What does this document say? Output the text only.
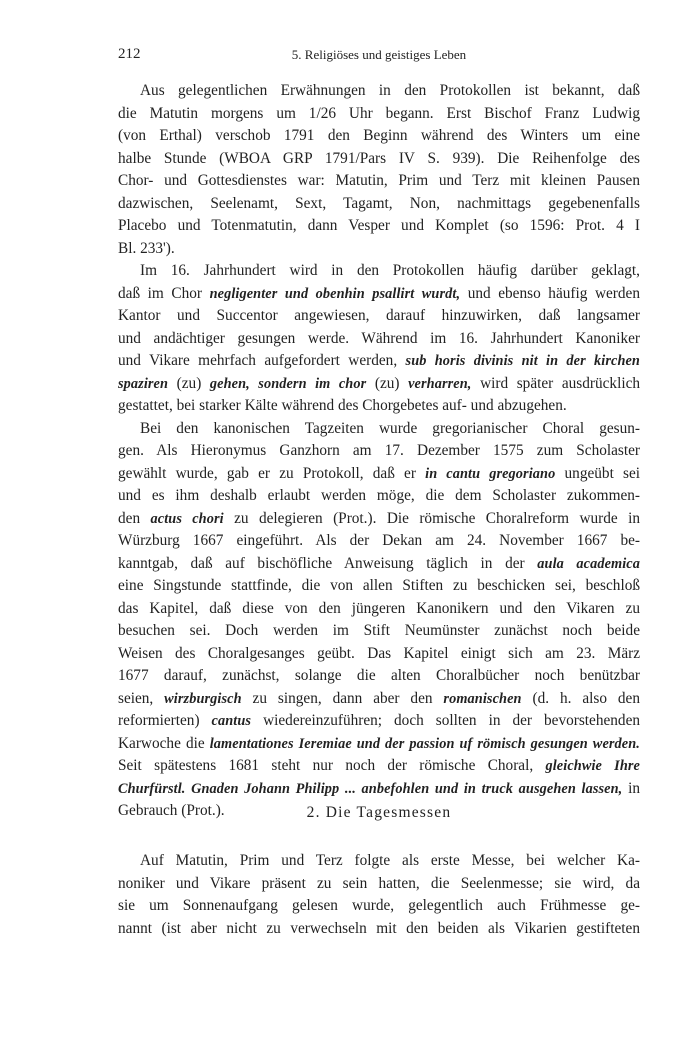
212	5. Religiöses und geistiges Leben
Aus gelegentlichen Erwähnungen in den Protokollen ist bekannt, daß
die Matutin morgens um 1/26 Uhr begann. Erst Bischof Franz Ludwig
(von Erthal) verschob 1791 den Beginn während des Winters um eine
halbe Stunde (WBOA GRP 1791/Pars IV S. 939). Die Reihenfolge des
Chor- und Gottesdienstes war: Matutin, Prim und Terz mit kleinen Pausen
dazwischen, Seelenamt, Sext, Tagamt, Non, nachmittags gegebenenfalls
Placebo und Totenmatutin, dann Vesper und Komplet (so 1596: Prot. 4 I
Bl. 233').
Im 16. Jahrhundert wird in den Protokollen häufig darüber geklagt,
daß im Chor negligenter und obenhin psallirt wurdt, und ebenso häufig werden
Kantor und Succentor angewiesen, darauf hinzuwirken, daß langsamer
und andächtiger gesungen werde. Während im 16. Jahrhundert Kanoniker
und Vikare mehrfach aufgefordert werden, sub horis divinis nit in der kirchen
spaziren (zu) gehen, sondern im chor (zu) verharren, wird später ausdrücklich
gestattet, bei starker Kälte während des Chorgebetes auf- und abzugehen.
Bei den kanonischen Tagzeiten wurde gregorianischer Choral gesun-
gen. Als Hieronymus Ganzhorn am 17. Dezember 1575 zum Scholaster
gewählt wurde, gab er zu Protokoll, daß er in cantu gregoriano ungeübt sei
und es ihm deshalb erlaubt werden möge, die dem Scholaster zukommen-
den actus chori zu delegieren (Prot.). Die römische Choralreform wurde in
Würzburg 1667 eingeführt. Als der Dekan am 24. November 1667 be-
kanntgab, daß auf bischöfliche Anweisung täglich in der aula academica
eine Singstunde stattfinde, die von allen Stiften zu beschicken sei, beschloß
das Kapitel, daß diese von den jüngeren Kanonikern und den Vikaren zu
besuchen sei. Doch werden im Stift Neumünster zunächst noch beide
Weisen des Choralgesanges geübt. Das Kapitel einigt sich am 23. März
1677 darauf, zunächst, solange die alten Choralbücher noch benützbar
seien, wirzburgisch zu singen, dann aber den romanischen (d. h. also den
reformierten) cantus wiedereinzuführen; doch sollten in der bevorstehenden
Karwoche die lamentationes Ieremiae und der passion uf römisch gesungen werden.
Seit spätestens 1681 steht nur noch der römische Choral, gleichwie Ihre
Churfürstl. Gnaden Johann Philipp ... anbefohlen und in truck ausgehen lassen, in
Gebrauch (Prot.).	2. Die Tagesmessen
Auf Matutin, Prim und Terz folgte als erste Messe, bei welcher Ka-
noniker und Vikare präsent zu sein hatten, die Seelenmesse; sie wird, da
sie um Sonnenaufgang gelesen wurde, gelegentlich auch Frühmesse ge-
nannt (ist aber nicht zu verwechseln mit den beiden als Vikarien gestifteten
